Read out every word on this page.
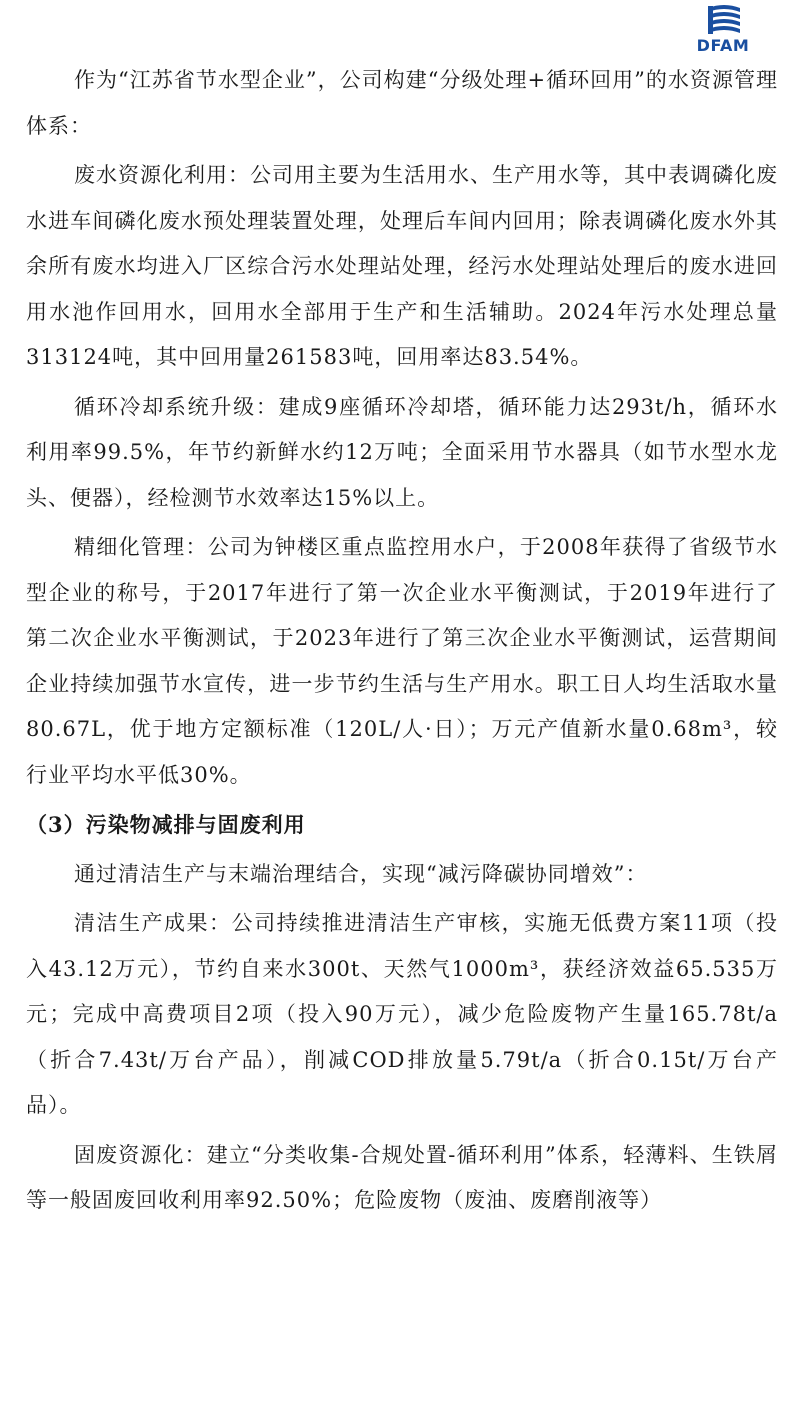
DFAM

作为“江苏省节水型企业”，公司构建“分级处理+循环回用”的水资源管理体系：

废水资源化利用：公司用主要为生活用水、生产用水等，其中表调磷化废水进车间磷化废水预处理装置处理，处理后车间内回用；除表调磷化废水外其余所有废水均进入厂区综合污水处理站处理，经污水处理站处理后的废水进回用水池作回用水，回用水全部用于生产和生活辅助。2024年污水处理总量313124吨，其中回用量261583吨，回用率达83.54%。

循环冷却系统升级：建成9座循环冷却塔，循环能力达293t/h，循环水利用率99.5%，年节约新鲜水约12万吨；全面采用节水器具（如节水型水龙头、便器），经检测节水效率达15%以上。

精细化管理：公司为钟楼区重点监控用水户，于2008年获得了省级节水型企业的称号，于2017年进行了第一次企业水平衡测试，于2019年进行了第二次企业水平衡测试，于2023年进行了第三次企业水平衡测试，运营期间企业持续加强节水宣传，进一步节约生活与生产用水。职工日人均生活取水量80.67L，优于地方定额标准（120L/人·日）；万元产值新水量0.68m³，较行业平均水平低30%。

（3）污染物减排与固废利用

通过清洁生产与末端治理结合，实现“减污降碳协同增效”：

清洁生产成果：公司持续推进清洁生产审核，实施无低费方案11项（投入43.12万元），节约自来水300t、天然气1000m³，获经济效益65.535万元；完成中高费项目2项（投入90万元），减少危险废物产生量165.78t/a（折合7.43t/万台产品），削减COD排放量5.79t/a（折合0.15t/万台产品）。

固废资源化：建立“分类收集-合规处置-循环利用”体系，轻薄料、生铁屑等一般固废回收利用率92.50%；危险废物（废油、废磨削液等）
